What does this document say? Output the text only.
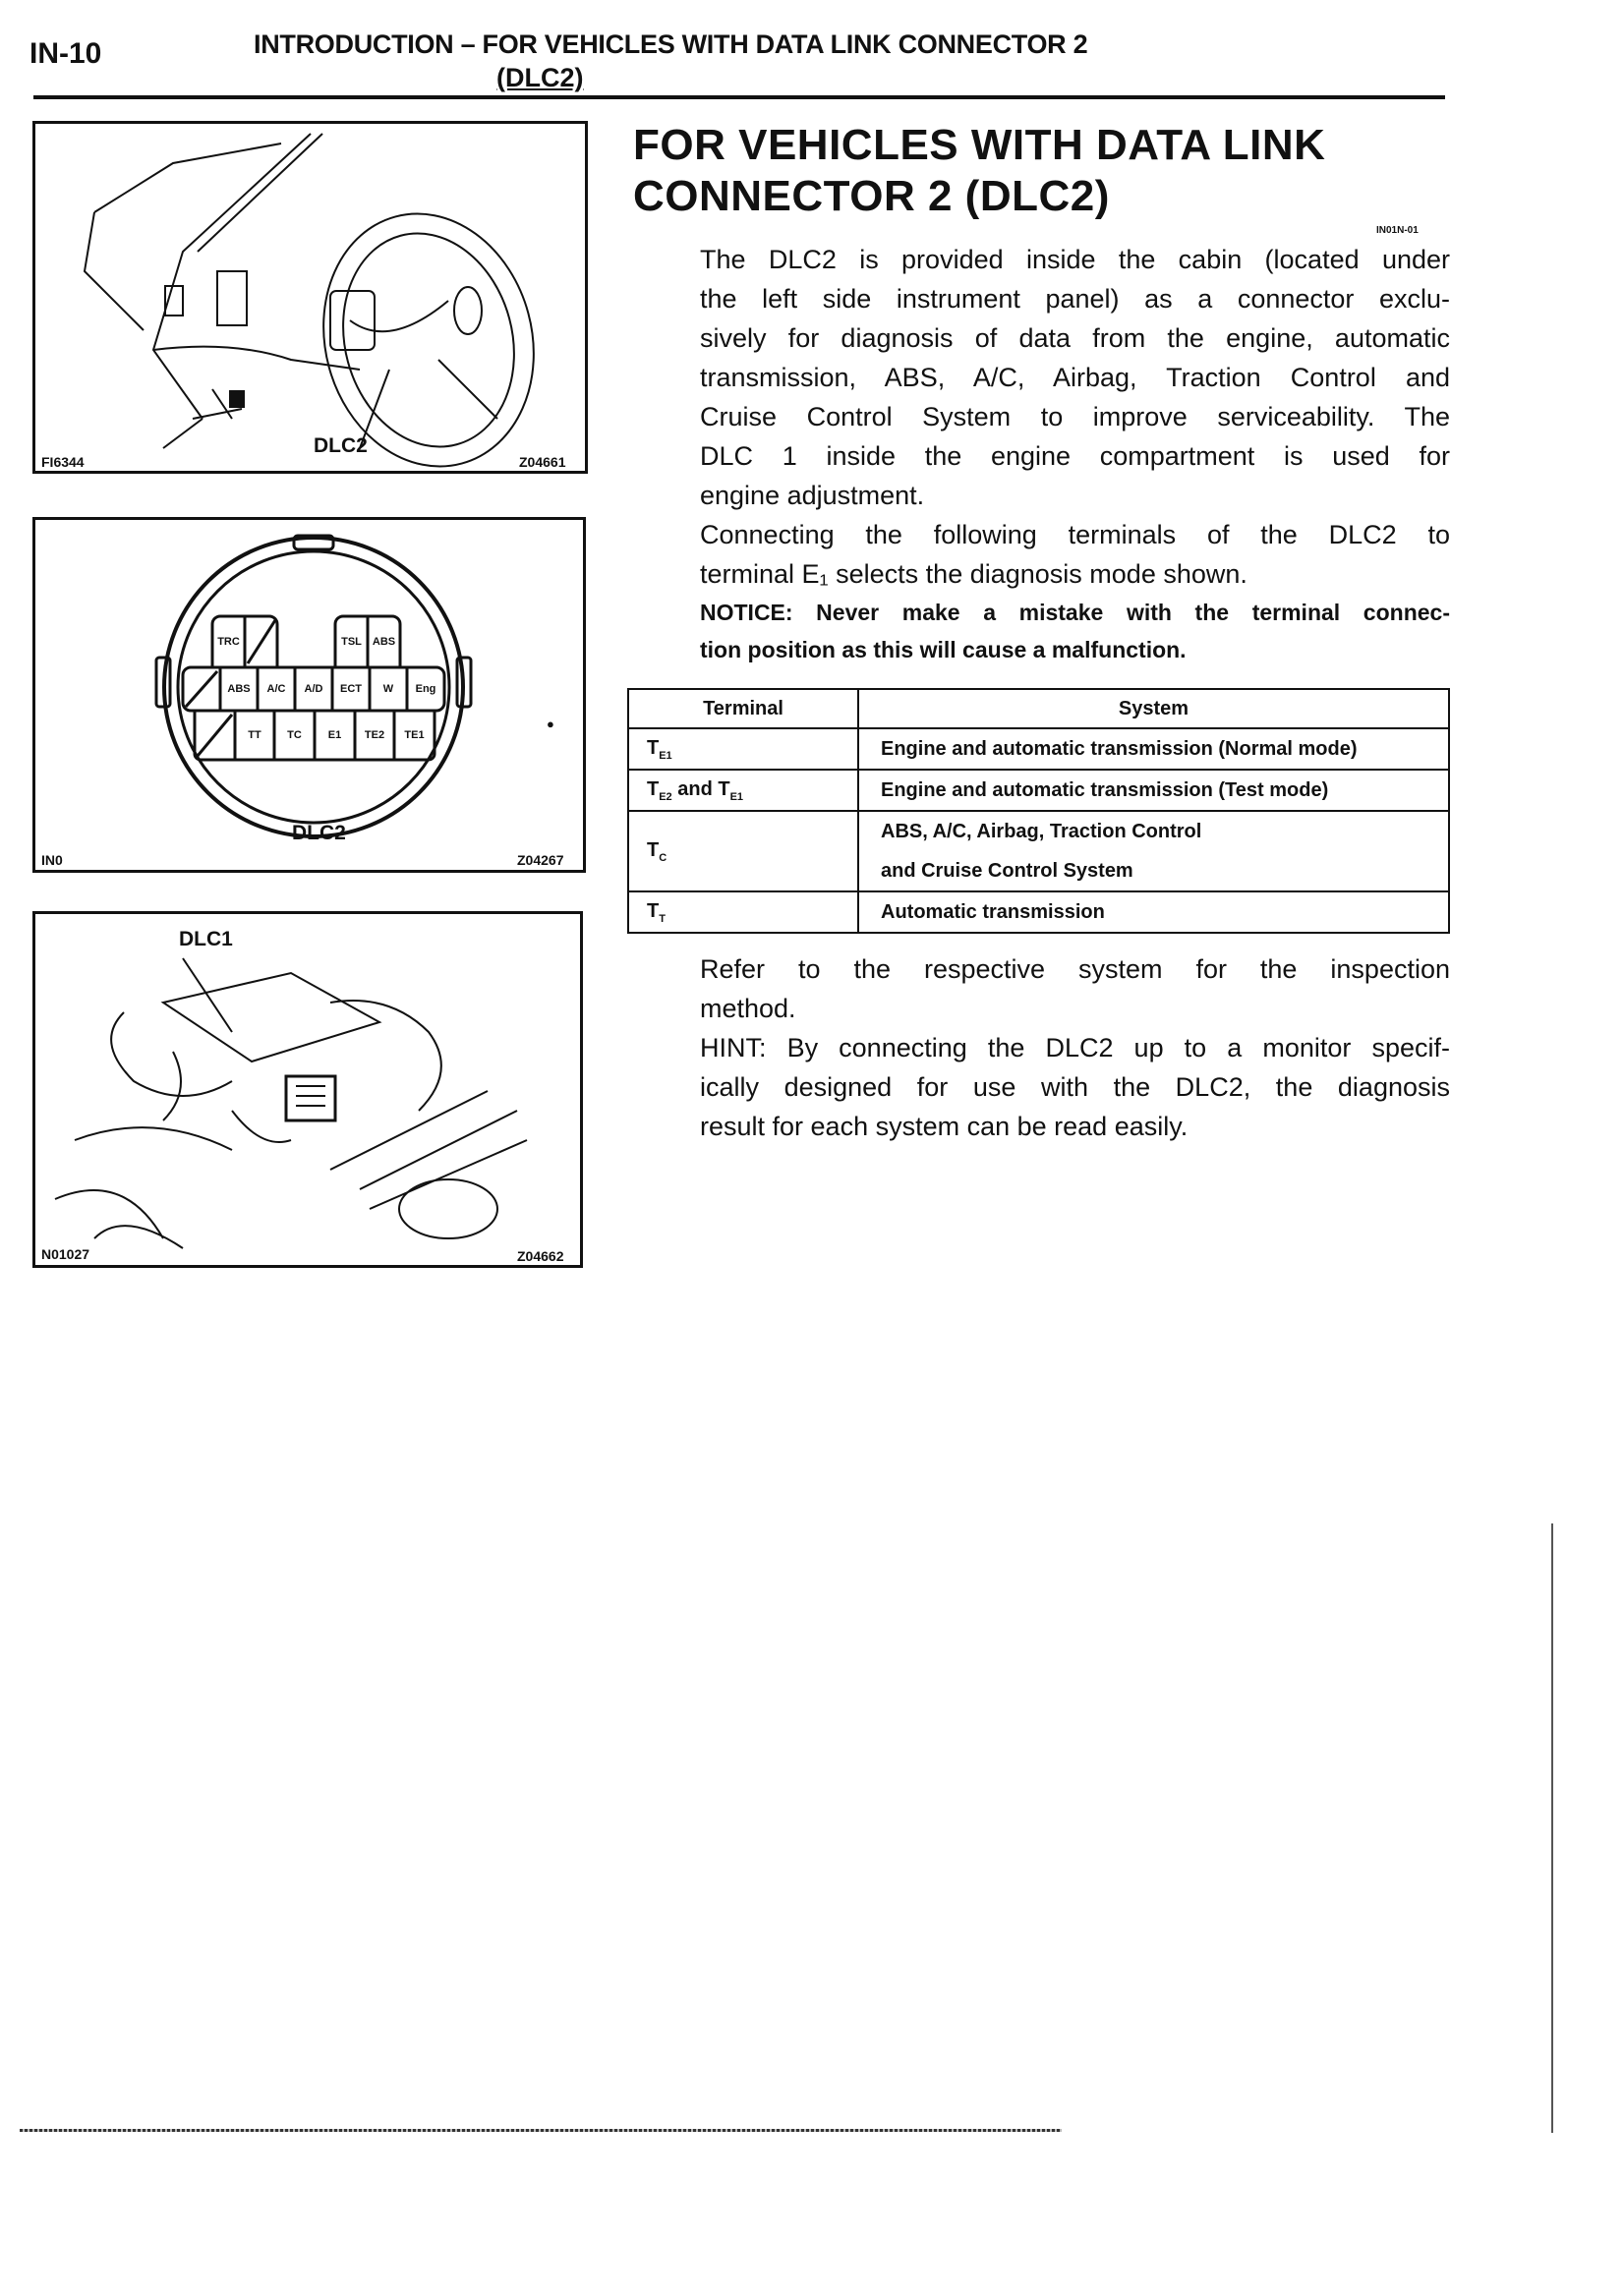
IN-10	INTRODUCTION – FOR VEHICLES WITH DATA LINK CONNECTOR 2
(DLC2)
DLC2
FI6344	Z04661
TRC	TSL ABS
ABS	A/C	A/D	ECT	W	Eng
TT	TC	E1	TE2	TE1
●
DLC2
IN0	Z04267
DLC1
N01027	Z04662
FOR VEHICLES WITH DATA LINK
CONNECTOR 2 (DLC2)
IN01N-01
The DLC2 is provided inside the cabin (located under
the left side instrument panel) as a connector exclu-
sively for diagnosis of data from the engine, automatic
transmission, ABS, A/C, Airbag, Traction Control and
Cruise Control System to improve serviceability. The
DLC 1 inside the engine compartment is used for
engine adjustment.
Connecting the following terminals of the DLC2 to
terminal E₁ selects the diagnosis mode shown.
NOTICE: Never make a mistake with the terminal connec-
tion position as this will cause a malfunction.
Terminal	System
$T_{E1}$	Engine and automatic transmission (Normal mode)
$T_{E2}$ and $T_{E1}$	Engine and automatic transmission (Test mode)
$T_C$	ABS, A/C, Airbag, Traction Control
and Cruise Control System

$T_T$	Automatic transmission
Refer to the respective system for the inspection
method.
HINT: By connecting the DLC2 up to a monitor specif-
ically designed for use with the DLC2, the diagnosis
result for each system can be read easily.
